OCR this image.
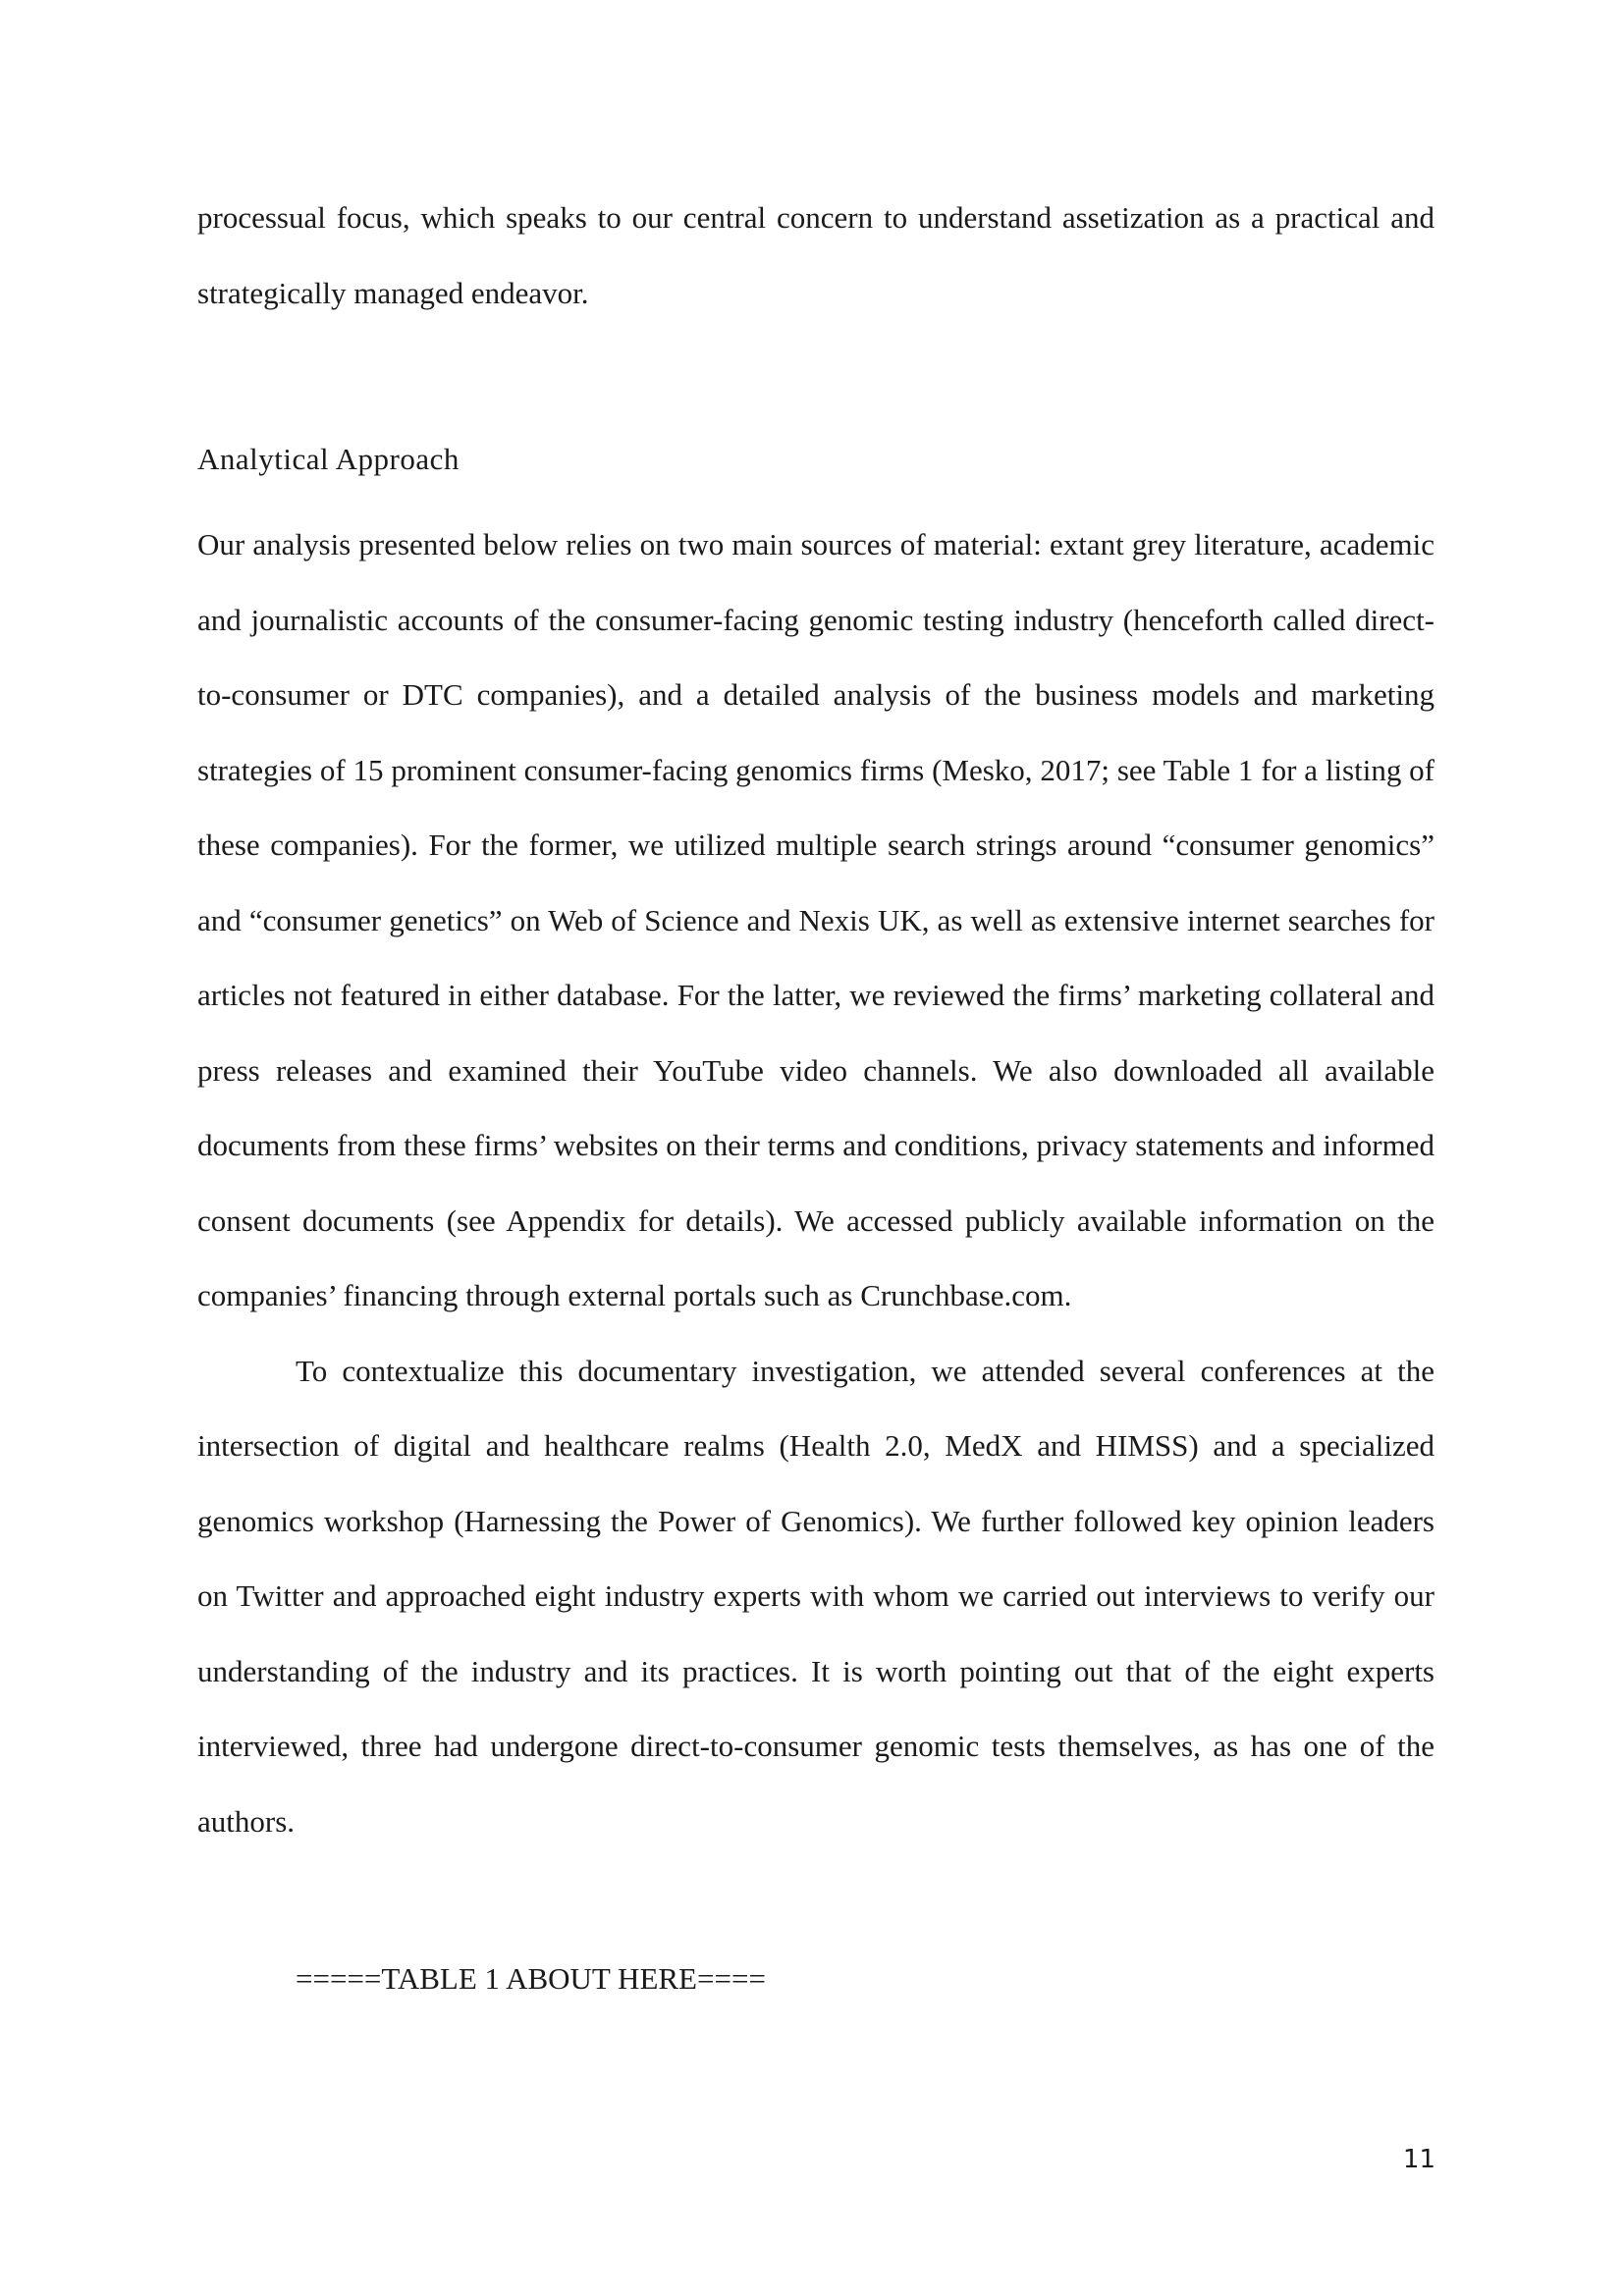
processual focus, which speaks to our central concern to understand assetization as a practical and strategically managed endeavor.

Analytical Approach

Our analysis presented below relies on two main sources of material: extant grey literature, academic and journalistic accounts of the consumer-facing genomic testing industry (henceforth called direct-to-consumer or DTC companies), and a detailed analysis of the business models and marketing strategies of 15 prominent consumer-facing genomics firms (Mesko, 2017; see Table 1 for a listing of these companies). For the former, we utilized multiple search strings around “consumer genomics” and “consumer genetics” on Web of Science and Nexis UK, as well as extensive internet searches for articles not featured in either database. For the latter, we reviewed the firms’ marketing collateral and press releases and examined their YouTube video channels. We also downloaded all available documents from these firms’ websites on their terms and conditions, privacy statements and informed consent documents (see Appendix for details). We accessed publicly available information on the companies’ financing through external portals such as Crunchbase.com.

To contextualize this documentary investigation, we attended several conferences at the intersection of digital and healthcare realms (Health 2.0, MedX and HIMSS) and a specialized genomics workshop (Harnessing the Power of Genomics). We further followed key opinion leaders on Twitter and approached eight industry experts with whom we carried out interviews to verify our understanding of the industry and its practices. It is worth pointing out that of the eight experts interviewed, three had undergone direct-to-consumer genomic tests themselves, as has one of the authors.

=====TABLE 1 ABOUT HERE====

11
